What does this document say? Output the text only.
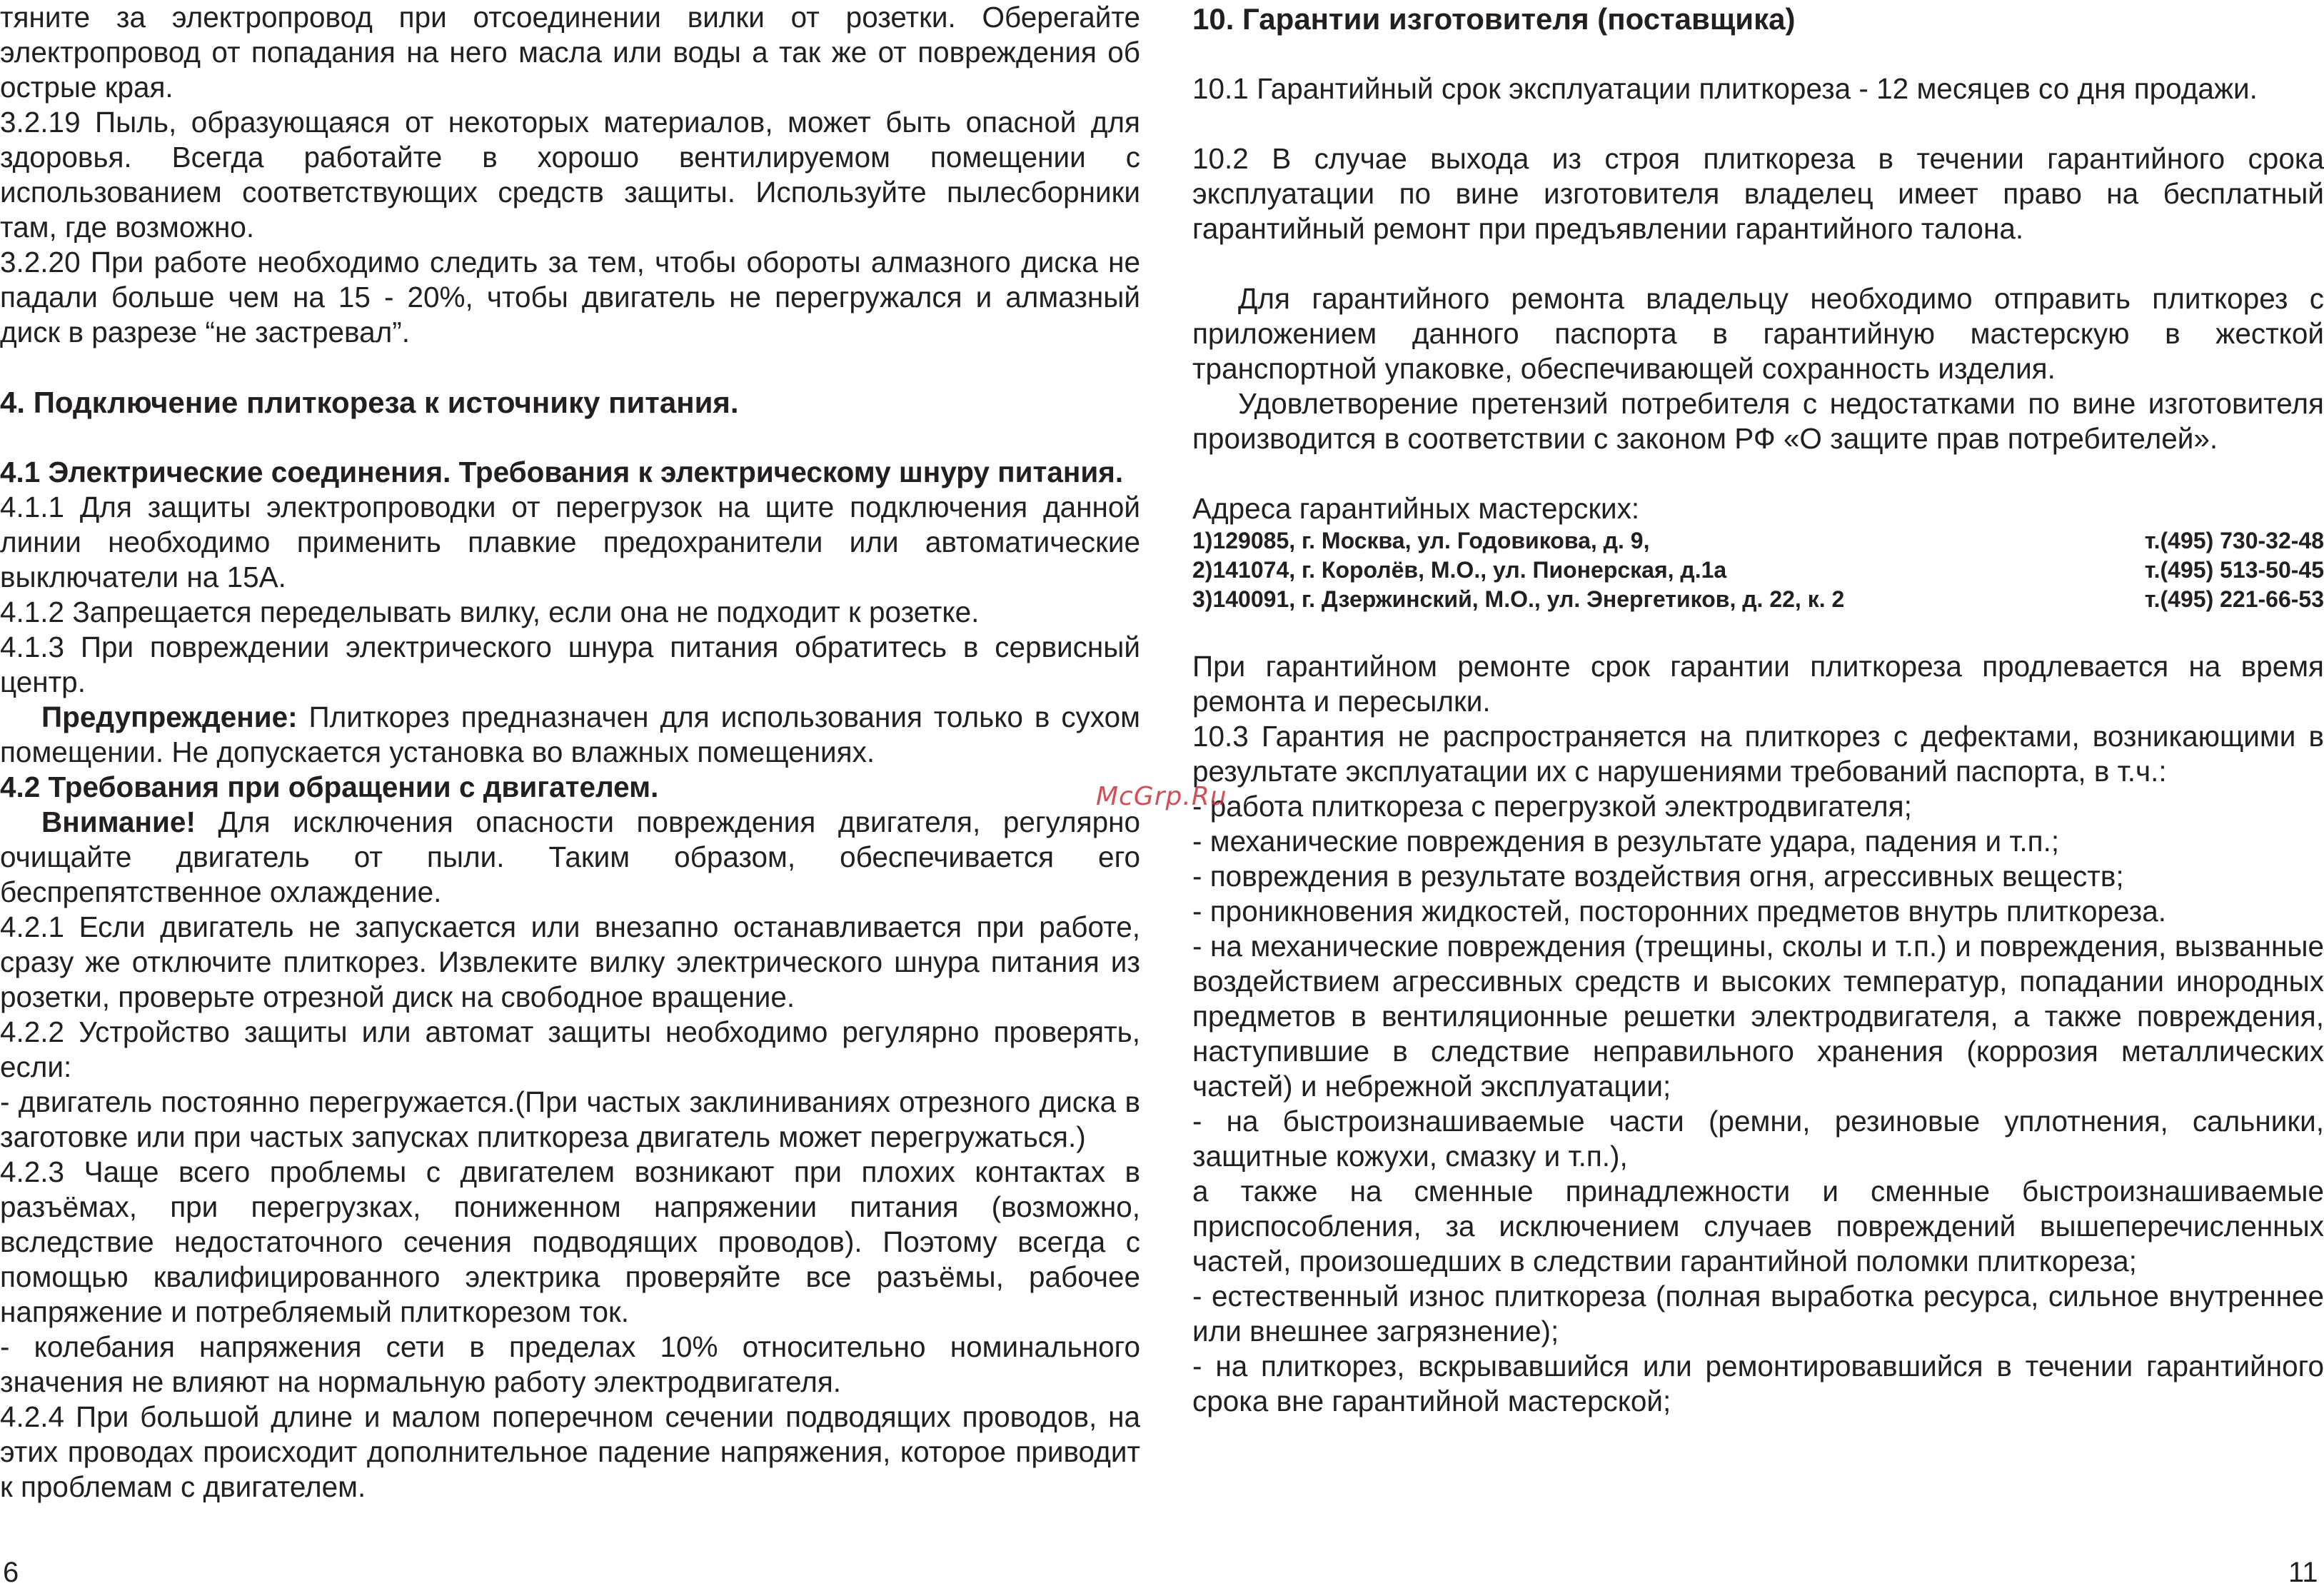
тяните за электропровод при отсоединении вилки от розетки. Оберегайте электропровод от попадания на него масла или воды а так же от повреждения об острые края.

3.2.19 Пыль, образующаяся от некоторых материалов, может быть опасной для здоровья. Всегда работайте в хорошо вентилируемом помещении с использованием соответствующих средств защиты. Используйте пылесборники там, где возможно.

3.2.20 При работе необходимо следить за тем, чтобы обороты алмазного диска не падали больше чем на 15 - 20%, чтобы двигатель не перегружался и алмазный диск в разрезе “не застревал”.

4. Подключение плиткореза к источнику питания.

4.1 Электрические соединения. Требования к электрическому шнуру питания.

4.1.1 Для защиты электропроводки от перегрузок на щите подключения данной линии необходимо применить плавкие предохранители или автоматические выключатели на 15А.

4.1.2 Запрещается переделывать вилку, если она не подходит к розетке.

4.1.3 При повреждении электрического шнура питания обратитесь в сервисный центр.

Предупреждение: Плиткорез предназначен для использования только в сухом помещении. Не допускается установка во влажных помещениях.

4.2 Требования при обращении с двигателем.

Внимание! Для исключения опасности повреждения двигателя, регулярно очищайте двигатель от пыли. Таким образом, обеспечивается его беспрепятственное охлаждение.

4.2.1 Если двигатель не запускается или внезапно останавливается при работе, сразу же отключите плиткорез. Извлеките вилку электрического шнура питания из розетки, проверьте отрезной диск на свободное вращение.

4.2.2 Устройство защиты или автомат защиты необходимо регулярно проверять, если:

- двигатель постоянно перегружается.(При частых заклиниваниях отрезного диска в заготовке или при частых запусках плиткореза двигатель может перегружаться.)

4.2.3 Чаще всего проблемы с двигателем возникают при плохих контактах в разъёмах, при перегрузках, пониженном напряжении питания (возможно, вследствие недостаточного сечения подводящих проводов). Поэтому всегда с помощью квалифицированного электрика проверяйте все разъёмы, рабочее напряжение и потребляемый плиткорезом ток.

- колебания напряжения сети в пределах 10% относительно номинального значения не влияют на нормальную работу электродвигателя.

4.2.4 При большой длине и малом поперечном сечении подводящих проводов, на этих проводах происходит дополнительное падение напряжения, которое приводит к проблемам с двигателем.

10. Гарантии изготовителя (поставщика)

10.1 Гарантийный срок эксплуатации плиткореза - 12 месяцев со дня продажи.

10.2 В случае выхода из строя плиткореза в течении гарантийного срока эксплуатации по вине изготовителя владелец имеет право на бесплатный гарантийный ремонт при предъявлении гарантийного талона.

Для гарантийного ремонта владельцу необходимо отправить плиткорез с приложением данного паспорта в гарантийную мастерскую в жесткой транспортной упаковке, обеспечивающей сохранность изделия.

Удовлетворение претензий потребителя с недостатками по вине изготовителя производится в соответствии с законом РФ «О защите прав потребителей».

Адреса гарантийных мастерских:

1)129085, г. Москва, ул. Годовикова, д. 9,	т.(495) 730-32-48
2)141074, г. Королёв, М.О., ул. Пионерская, д.1а	т.(495) 513-50-45
3)140091, г. Дзержинский, М.О., ул. Энергетиков, д. 22, к. 2	т.(495) 221-66-53

При гарантийном ремонте срок гарантии плиткореза продлевается на время ремонта и пересылки.

10.3 Гарантия не распространяется на плиткорез с дефектами, возникающими в результате эксплуатации их с нарушениями требований паспорта, в т.ч.:

- работа плиткореза с перегрузкой электродвигателя;

- механические повреждения в результате удара, падения и т.п.;

- повреждения в результате воздействия огня, агрессивных веществ;

- проникновения жидкостей, посторонних предметов внутрь плиткореза.

- на механические повреждения (трещины, сколы и т.п.) и повреждения, вызванные воздействием агрессивных средств и высоких температур, попадании инородных предметов в вентиляционные решетки электродвигателя, а также повреждения, наступившие в следствие неправильного хранения (коррозия металлических частей) и небрежной эксплуатации;

- на быстроизнашиваемые части (ремни, резиновые уплотнения, сальники, защитные кожухи, смазку и т.п.),

а также на сменные принадлежности и сменные быстроизнашиваемые приспособления, за исключением случаев повреждений вышеперечисленных частей, произошедших в следствии гарантийной поломки плиткореза;

- естественный износ плиткореза (полная выработка ресурса, сильное внутреннее или внешнее загрязнение);

- на плиткорез, вскрывавшийся или ремонтировавшийся в течении гарантийного срока вне гарантийной мастерской;

McGrp.Ru
6	11
